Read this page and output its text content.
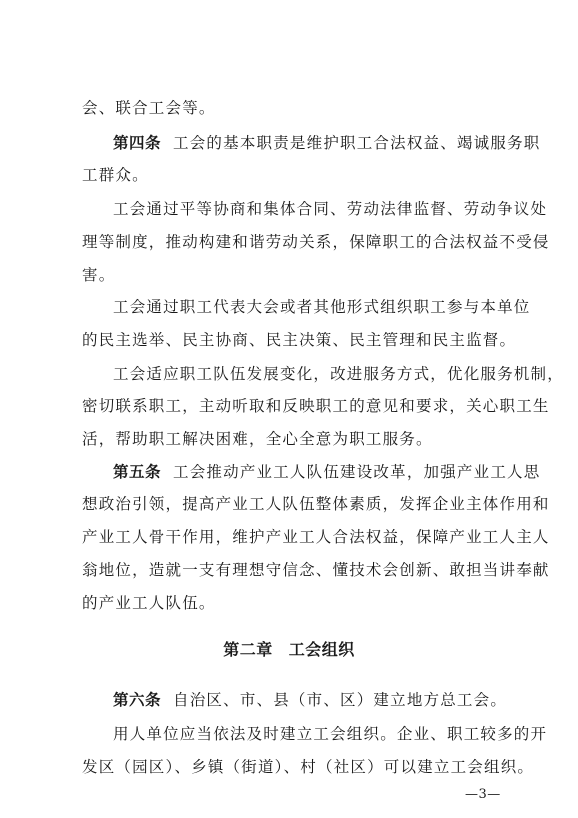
会、联合工会等。
第四条 工会的基本职责是维护职工合法权益、竭诚服务职
工群众。
工会通过平等协商和集体合同、劳动法律监督、劳动争议处
理等制度，推动构建和谐劳动关系，保障职工的合法权益不受侵
害。
工会通过职工代表大会或者其他形式组织职工参与本单位
的民主选举、民主协商、民主决策、民主管理和民主监督。
工会适应职工队伍发展变化，改进服务方式，优化服务机制，
密切联系职工，主动听取和反映职工的意见和要求，关心职工生
活，帮助职工解决困难，全心全意为职工服务。
第五条 工会推动产业工人队伍建设改革，加强产业工人思
想政治引领，提高产业工人队伍整体素质，发挥企业主体作用和
产业工人骨干作用，维护产业工人合法权益，保障产业工人主人
翁地位，造就一支有理想守信念、懂技术会创新、敢担当讲奉献
的产业工人队伍。
第二章 工会组织
第六条 自治区、市、县（市、区）建立地方总工会。
用人单位应当依法及时建立工会组织。企业、职工较多的开
发区（园区）、乡镇（街道）、村（社区）可以建立工会组织。
—3—
